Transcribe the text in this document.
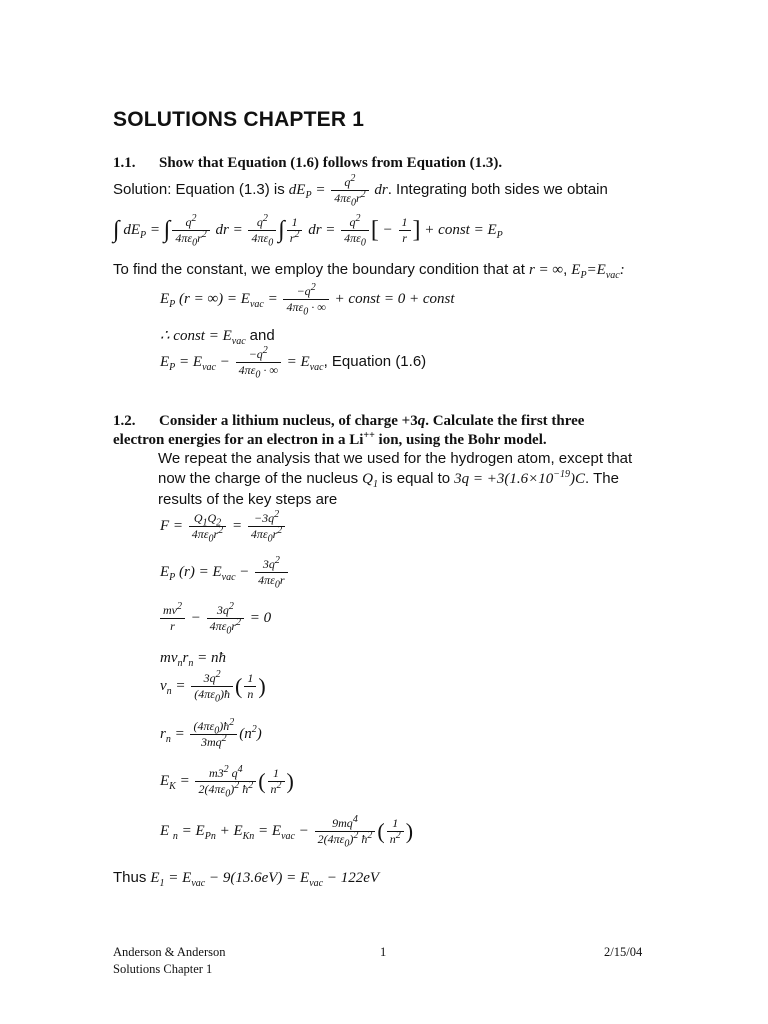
SOLUTIONS CHAPTER 1
1.1. Show that Equation (1.6) follows from Equation (1.3).
Solution: Equation (1.3) is $dE_P = \frac{q^2}{4\pi\varepsilon_0r^2}$ dr. Integrating both sides we obtain
∫ $dE_P$ = ∫ $\frac{q^2}{4\pi\varepsilon_0r^2}$ dr = $\frac{q^2}{4\pi\varepsilon_0}$ ∫ $\frac{1}{r^2}$ dr = $\frac{q^2}{4\pi\varepsilon_0}$ [ − $\frac{1}{r}$ ] + const = $E_P$
To find the constant, we employ the boundary condition that at r = ∞, $E_P=E_{vac}$:
$E_P$ (r = ∞) = $E_{vac} = \frac{-q^2}{4\pi\varepsilon_0 \cdot \infty}$ + const = 0 + const
∴ const = $E_{vac}$ and
$E_P = E_{vac} - \frac{-q^2}{4\pi\varepsilon_0 \cdot \infty} = E_{vac}$, Equation (1.6)
1.2. Consider a lithium nucleus, of charge +3q. Calculate the first three
electron energies for an electron in a Li++ ion, using the Bohr model.
We repeat the analysis that we used for the hydrogen atom, except that
now the charge of the nucleus $Q_1$ is equal to $3q = +3(1.6\times 10^{-19})C$. The
results of the key steps are
$F = \frac{Q_1Q_2}{4\pi\varepsilon_0r^2} = \frac{-3q^2}{4\pi\varepsilon_0r^2}$
$E_P$ $(r) = E_{vac} - \frac{3q^2}{4\pi\varepsilon_0r}$
$\frac{mv^2}{r} - \frac{3q^2}{4\pi\varepsilon_0r^2} = 0$
$mv_nr_n$ = nħ
$v_n = \frac{3q^2}{(4\pi\varepsilon_0)ħ}$ ( $\frac{1}{n}$ )
$r_n = \frac{(4\pi\varepsilon_0)ħ^2}{3mq^2} (n^2)$
$E_K = \frac{m3^2 q^4}{2(4\pi\varepsilon_0)^2 ħ^2}$ ( $\frac{1}{n^2}$ )
E $_n = E_{Pn} + E_{Kn} = E_{vac} - \frac{9mq^4}{2(4\pi\varepsilon_0)^2 ħ^2}$ ( $\frac{1}{n^2}$ )
Thus $E_1 = E_{vac} - 9(13.6eV) = E_{vac} - 122eV$
Anderson & Anderson
Solutions Chapter 1
1	2/15/04
